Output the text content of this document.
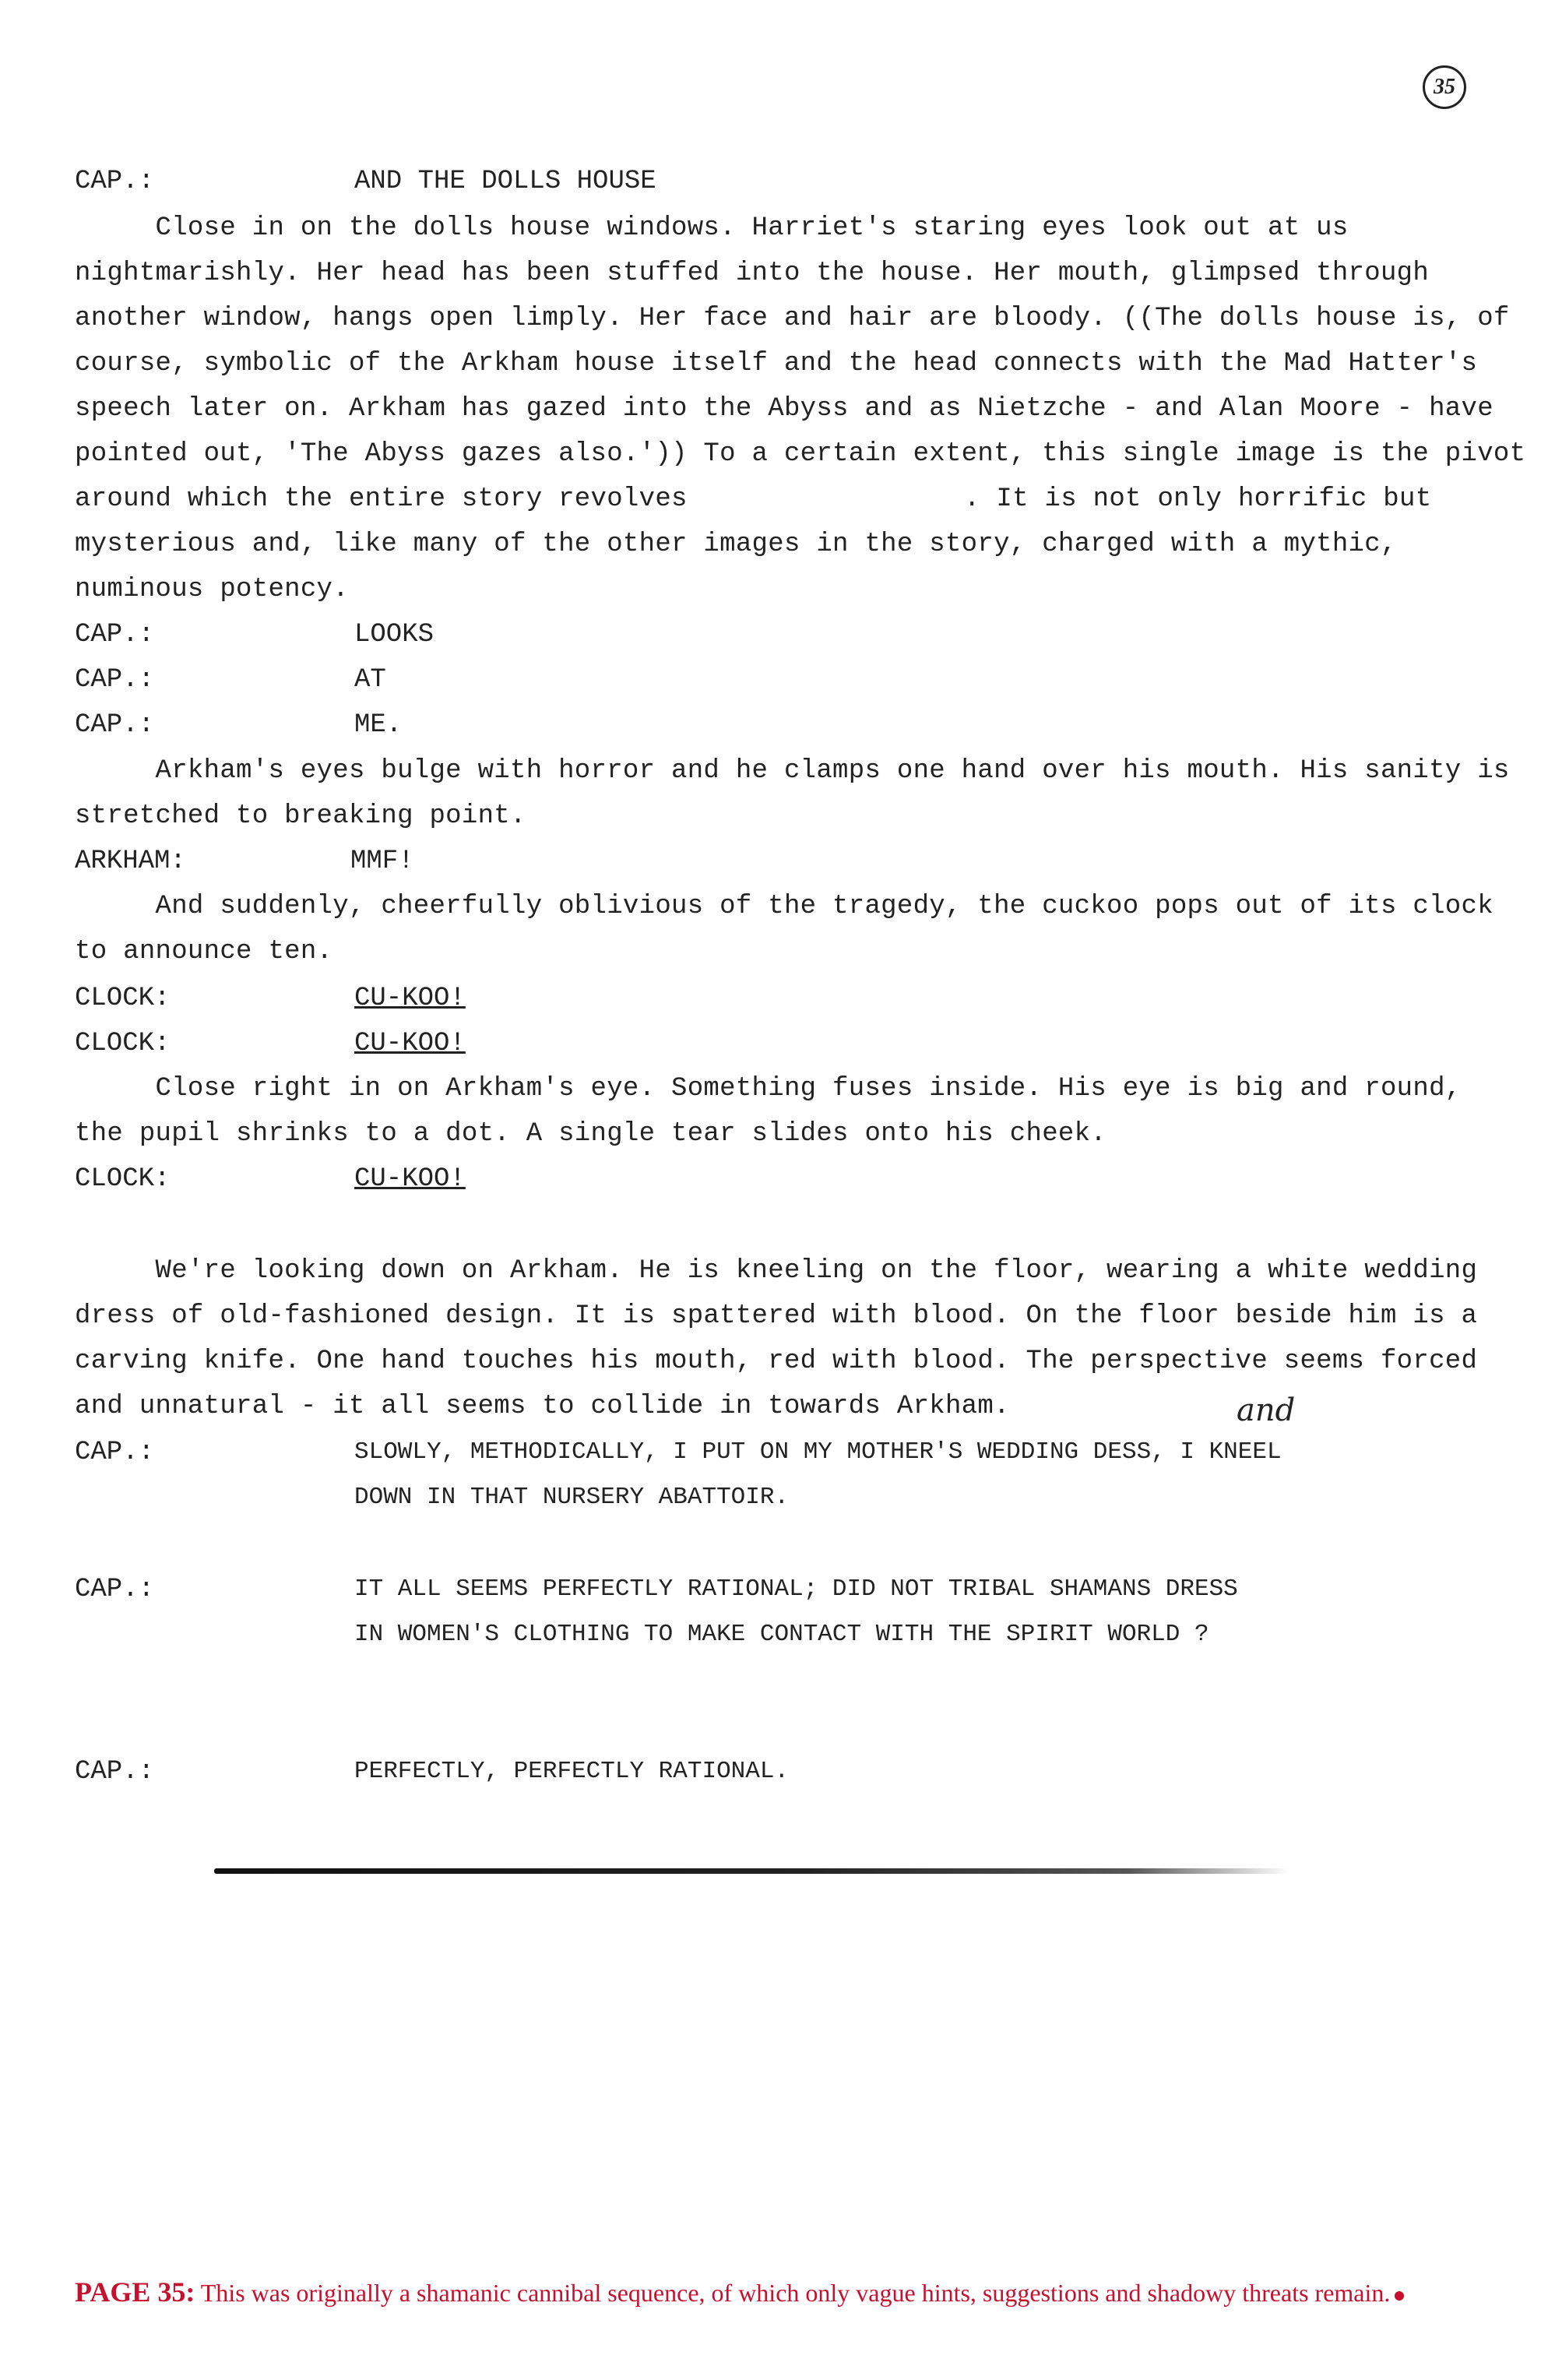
35
CAP.:	AND THE DOLLS HOUSE
Close in on the dolls house windows. Harriet's staring eyes look out at us
nightmarishly. Her head has been stuffed into the house. Her mouth, glimpsed through
another window, hangs open limply. Her face and hair are bloody. ((The dolls house is, of
course, symbolic of the Arkham house itself and the head connects with the Mad Hatter's
speech later on. Arkham has gazed into the Abyss and as Nietzche - and Alan Moore - have
pointed out, 'The Abyss gazes also.')) To a certain extent, this single image is the pivot
around which the entire story revolves	. It is not only horrific but
mysterious and, like many of the other images in the story, charged with a mythic,
numinous potency.
CAP.:	LOOKS
CAP.:	AT
CAP.:	ME.
Arkham's eyes bulge with horror and he clamps one hand over his mouth. His sanity is
stretched to breaking point.
ARKHAM:	MMF!
And suddenly, cheerfully oblivious of the tragedy, the cuckoo pops out of its clock
to announce ten.
CLOCK:	CU-KOO!
CLOCK:	CU-KOO!
Close right in on Arkham's eye. Something fuses inside. His eye is big and round,
the pupil shrinks to a dot. A single tear slides onto his cheek.
CLOCK:	CU-KOO!
We're looking down on Arkham. He is kneeling on the floor, wearing a white wedding
dress of old-fashioned design. It is spattered with blood. On the floor beside him is a
carving knife. One hand touches his mouth, red with blood. The perspective seems forced
and unnatural - it all seems to collide in towards Arkham.	and
CAP.:	SLOWLY, METHODICALLY, I PUT ON MY MOTHER'S WEDDING DESS, I KNEEL
DOWN IN THAT NURSERY ABATTOIR.
CAP.:	IT ALL SEEMS PERFECTLY RATIONAL; DID NOT TRIBAL SHAMANS DRESS
IN WOMEN'S CLOTHING TO MAKE CONTACT WITH THE SPIRIT WORLD ?
CAP.:	PERFECTLY, PERFECTLY RATIONAL.
PAGE 35: This was originally a shamanic cannibal sequence, of which only vague hints, suggestions and shadowy threats remain.
